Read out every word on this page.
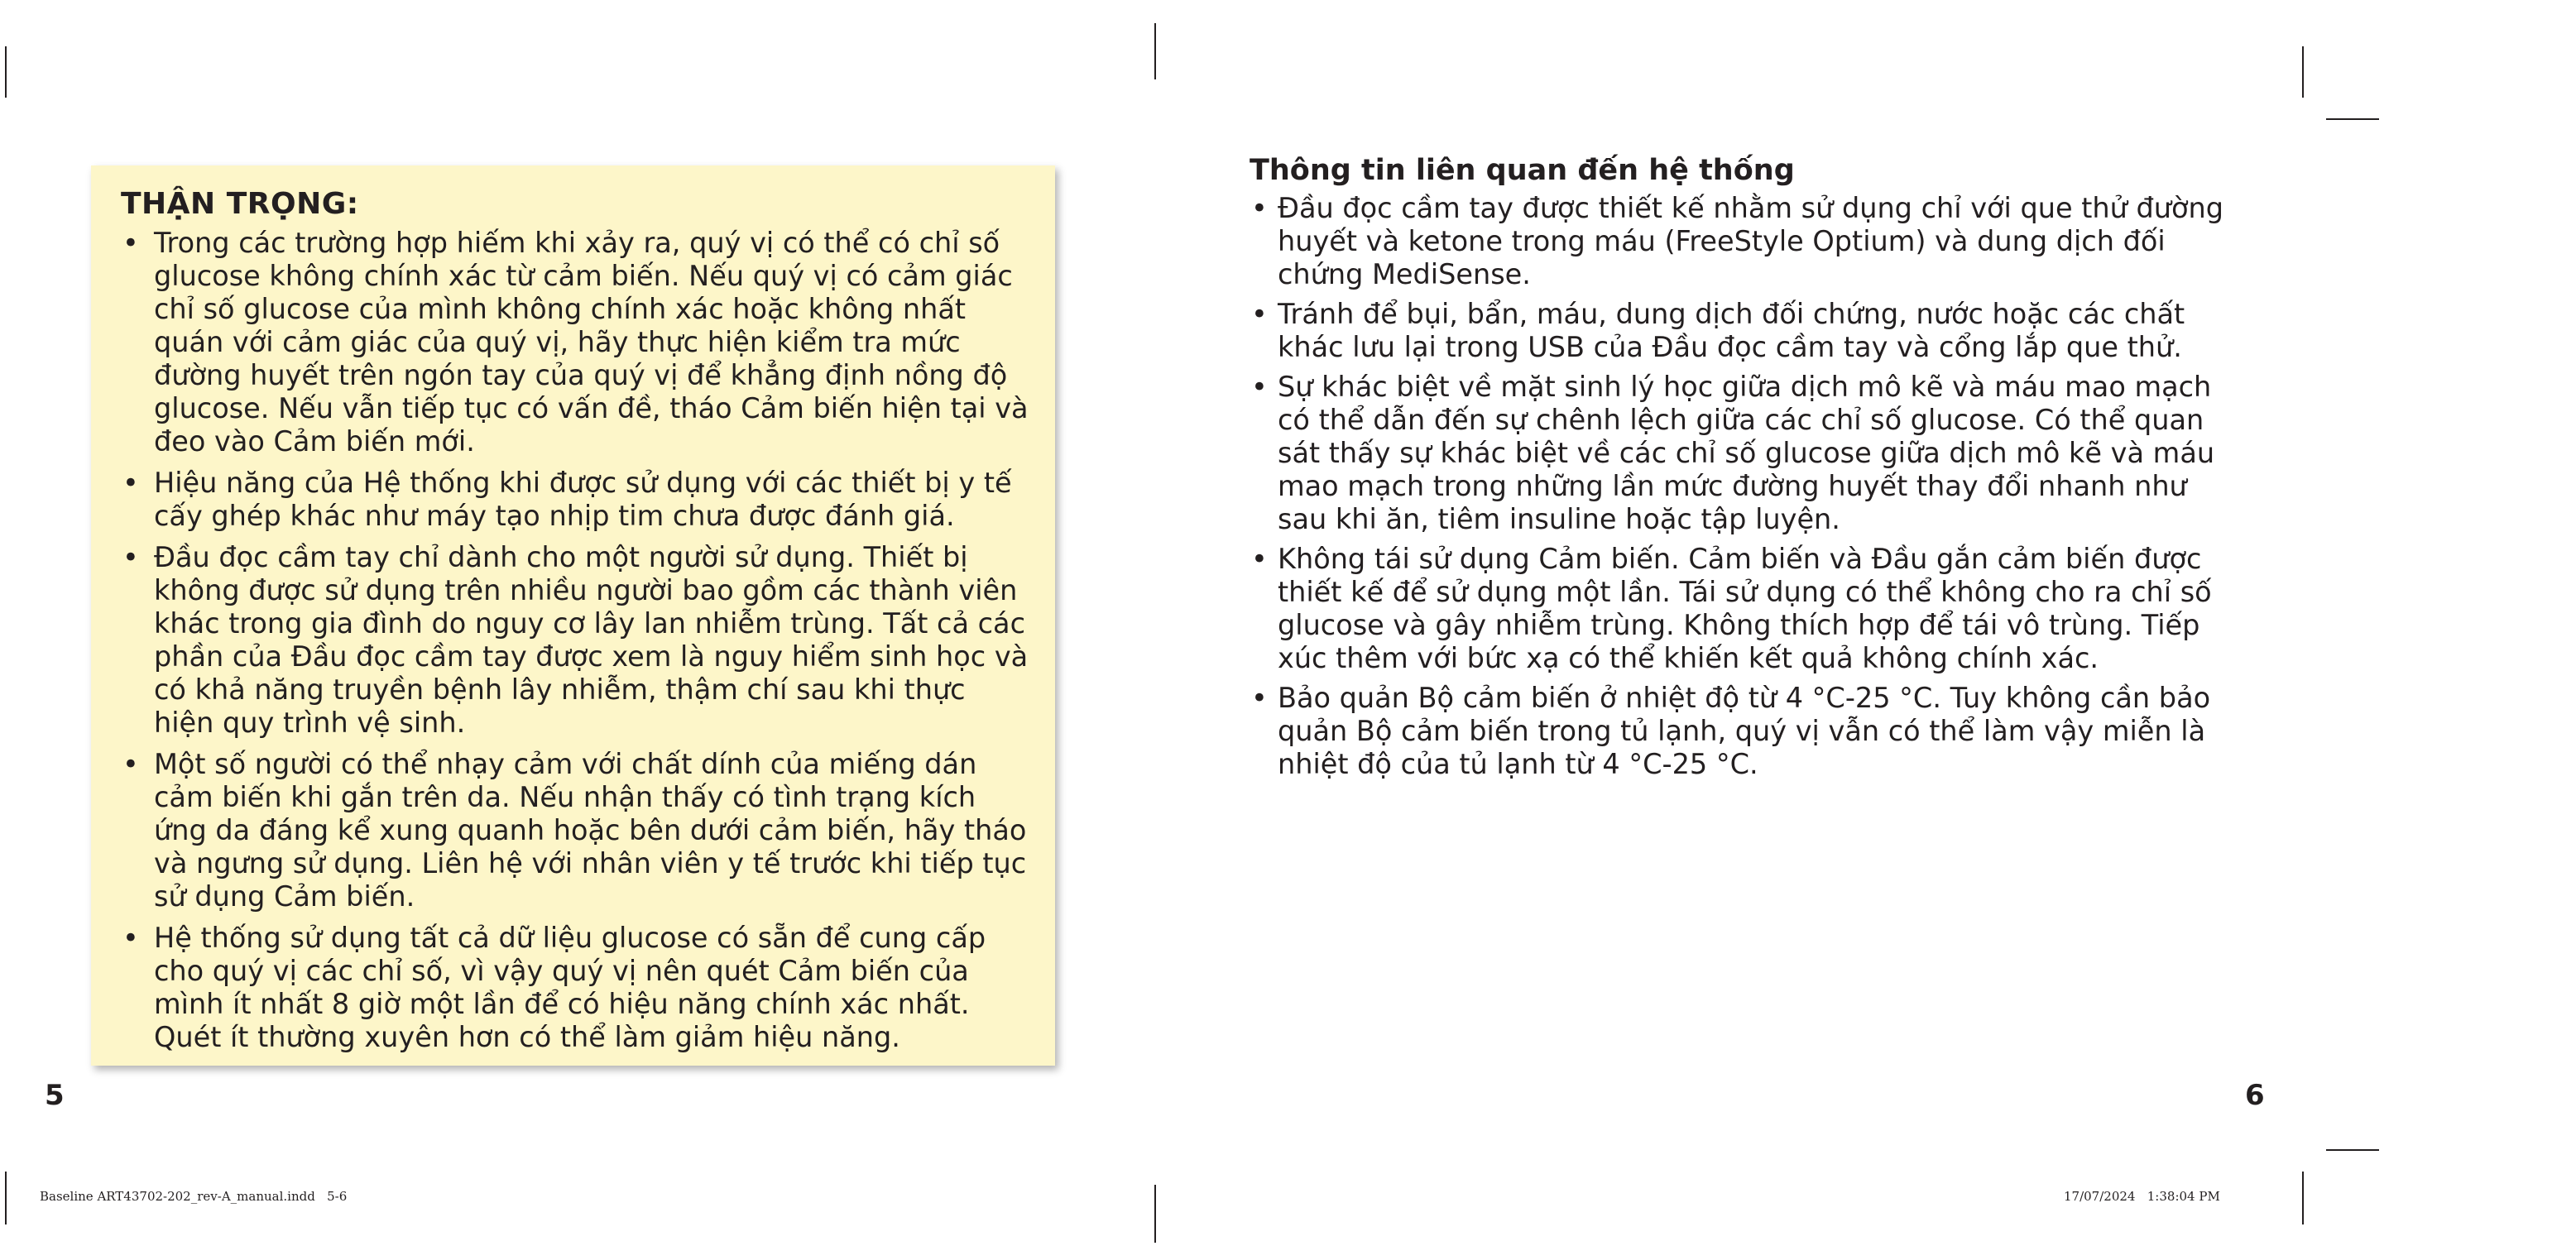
THẬN TRỌNG:
• Trong các trường hợp hiếm khi xảy ra, quý vị có thể có chỉ số glucose không chính xác từ cảm biến. Nếu quý vị có cảm giác chỉ số glucose của mình không chính xác hoặc không nhất quán với cảm giác của quý vị, hãy thực hiện kiểm tra mức đường huyết trên ngón tay của quý vị để khẳng định nồng độ glucose. Nếu vẫn tiếp tục có vấn đề, tháo Cảm biến hiện tại và đeo vào Cảm biến mới.
• Hiệu năng của Hệ thống khi được sử dụng với các thiết bị y tế cấy ghép khác như máy tạo nhịp tim chưa được đánh giá.
• Đầu đọc cầm tay chỉ dành cho một người sử dụng. Thiết bị không được sử dụng trên nhiều người bao gồm các thành viên khác trong gia đình do nguy cơ lây lan nhiễm trùng. Tất cả các phần của Đầu đọc cầm tay được xem là nguy hiểm sinh học và có khả năng truyền bệnh lây nhiễm, thậm chí sau khi thực hiện quy trình vệ sinh.
• Một số người có thể nhạy cảm với chất dính của miếng dán cảm biến khi gắn trên da. Nếu nhận thấy có tình trạng kích ứng da đáng kể xung quanh hoặc bên dưới cảm biến, hãy tháo và ngưng sử dụng. Liên hệ với nhân viên y tế trước khi tiếp tục sử dụng Cảm biến.
• Hệ thống sử dụng tất cả dữ liệu glucose có sẵn để cung cấp cho quý vị các chỉ số, vì vậy quý vị nên quét Cảm biến của mình ít nhất 8 giờ một lần để có hiệu năng chính xác nhất. Quét ít thường xuyên hơn có thể làm giảm hiệu năng.
Thông tin liên quan đến hệ thống
• Đầu đọc cầm tay được thiết kế nhằm sử dụng chỉ với que thử đường huyết và ketone trong máu (FreeStyle Optium) và dung dịch đối chứng MediSense.
• Tránh để bụi, bẩn, máu, dung dịch đối chứng, nước hoặc các chất khác lưu lại trong USB của Đầu đọc cầm tay và cổng lắp que thử.
• Sự khác biệt về mặt sinh lý học giữa dịch mô kẽ và máu mao mạch có thể dẫn đến sự chênh lệch giữa các chỉ số glucose. Có thể quan sát thấy sự khác biệt về các chỉ số glucose giữa dịch mô kẽ và máu mao mạch trong những lần mức đường huyết thay đổi nhanh như sau khi ăn, tiêm insuline hoặc tập luyện.
• Không tái sử dụng Cảm biến. Cảm biến và Đầu gắn cảm biến được thiết kế để sử dụng một lần. Tái sử dụng có thể không cho ra chỉ số glucose và gây nhiễm trùng. Không thích hợp để tái vô trùng. Tiếp xúc thêm với bức xạ có thể khiến kết quả không chính xác.
• Bảo quản Bộ cảm biến ở nhiệt độ từ 4 °C-25 °C. Tuy không cần bảo quản Bộ cảm biến trong tủ lạnh, quý vị vẫn có thể làm vậy miễn là nhiệt độ của tủ lạnh từ 4 °C-25 °C.
5	6
Baseline ART43702-202_rev-A_manual.indd   5-6	17/07/2024   1:38:04 PM
